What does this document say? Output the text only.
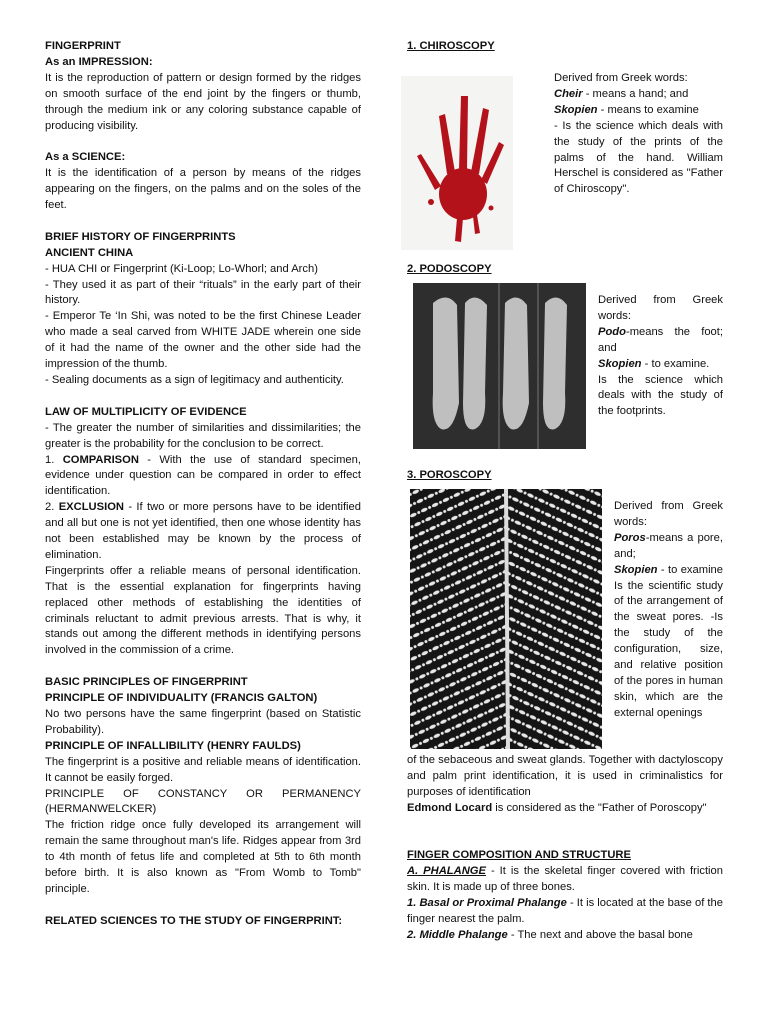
FINGERPRINT

As an IMPRESSION:

It is the reproduction of pattern or design formed by the ridges on smooth surface of the end joint by the fingers or thumb, through the medium ink or any coloring substance capable of producing visibility.

As a SCIENCE:

It is the identification of a person by means of the ridges appearing on the fingers, on the palms and on the soles of the feet.

BRIEF HISTORY OF FINGERPRINTS

ANCIENT CHINA

- HUA CHI or Fingerprint (Ki-Loop; Lo-Whorl; and Arch)

- They used it as part of their “rituals” in the early part of their history.

- Emperor Te ‘In Shi, was noted to be the first Chinese Leader who made a seal carved from WHITE JADE wherein one side of it had the name of the owner and the other side had the impression of the thumb.

- Sealing documents as a sign of legitimacy and authenticity.

LAW OF MULTIPLICITY OF EVIDENCE

- The greater the number of similarities and dissimilarities; the greater is the probability for the conclusion to be correct.

1. COMPARISON - With the use of standard specimen, evidence under question can be compared in order to effect identification.

2. EXCLUSION - If two or more persons have to be identified and all but one is not yet identified, then one whose identity has not been established may be known by the process of elimination.

Fingerprints offer a reliable means of personal identification. That is the essential explanation for fingerprints having replaced other methods of establishing the identities of criminals reluctant to admit previous arrests. That is why, it stands out among the different methods in identifying persons involved in the commission of a crime.

BASIC PRINCIPLES OF FINGERPRINT

PRINCIPLE OF INDIVIDUALITY (FRANCIS GALTON)

No two persons have the same fingerprint (based on Statistic Probability).

PRINCIPLE OF INFALLIBILITY (HENRY FAULDS)

The fingerprint is a positive and reliable means of identification. It cannot be easily forged.

PRINCIPLE OF CONSTANCY OR PERMANENCY (HERMANWELCKER)

The friction ridge once fully developed its arrangement will remain the same throughout man's life. Ridges appear from 3rd to 4th month of fetus life and completed at 5th to 6th month before birth. It is also known as "From Womb to Tomb" principle.

RELATED SCIENCES TO THE STUDY OF FINGERPRINT:

1. CHIROSCOPY

Derived from Greek words:

Cheir - means a hand; and

Skopien - means to examine

- Is the science which deals with the study of the prints of the palms of the hand. William Herschel is considered as "Father of Chiroscopy".

2. PODOSCOPY

Derived from Greek words:

Podo-means the foot; and

Skopien - to examine.

Is the science which deals with the study of the footprints.

3. POROSCOPY

Derived from Greek words:

Poros-means a pore, and;

Skopien - to examine Is the scientific study of the arrangement of the sweat pores. -Is the study of the configuration, size, and relative position of the pores in human skin, which are the external openings

of the sebaceous and sweat glands. Together with dactyloscopy and palm print identification, it is used in criminalistics for purposes of identification

Edmond Locard is considered as the "Father of Poroscopy"

FINGER COMPOSITION AND STRUCTURE

A. PHALANGE - It is the skeletal finger covered with friction skin. It is made up of three bones.

1. Basal or Proximal Phalange - It is located at the base of the finger nearest the palm.

2. Middle Phalange - The next and above the basal bone
